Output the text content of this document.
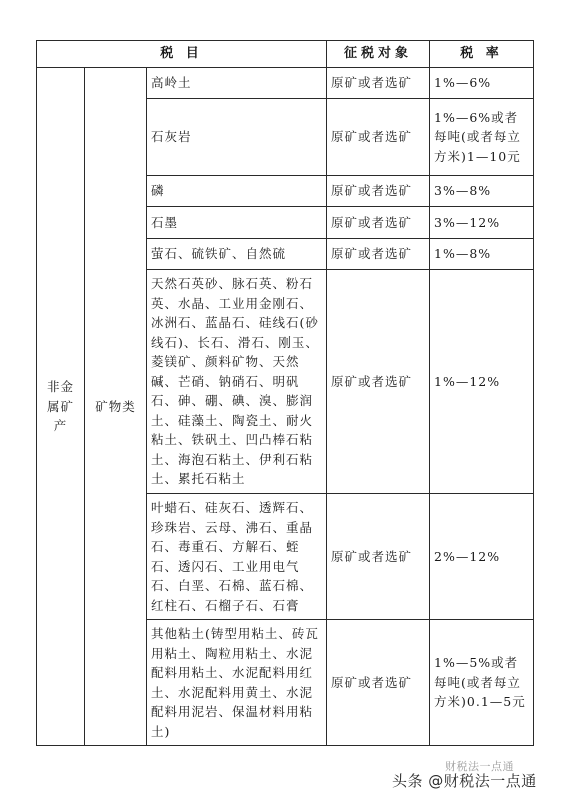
税 目			征税对象	税 率
非金属矿产	矿物类	高岭土	原矿或者选矿	1%—6%
		石灰岩	原矿或者选矿	1%—6%或者每吨(或者每立方米)1—10元
		磷	原矿或者选矿	3%—8%
		石墨	原矿或者选矿	3%—12%
		萤石、硫铁矿、自然硫	原矿或者选矿	1%—8%
		天然石英砂、脉石英、粉石英、水晶、工业用金刚石、冰洲石、蓝晶石、硅线石(砂线石)、长石、滑石、刚玉、菱镁矿、颜料矿物、天然碱、芒硝、钠硝石、明矾石、砷、硼、碘、溴、膨润土、硅藻土、陶瓷土、耐火粘土、铁矾土、凹凸棒石粘土、海泡石粘土、伊利石粘土、累托石粘土	原矿或者选矿	1%—12%
		叶蜡石、硅灰石、透辉石、珍珠岩、云母、沸石、重晶石、毒重石、方解石、蛭石、透闪石、工业用电气石、白垩、石棉、蓝石棉、红柱石、石榴子石、石膏	原矿或者选矿	2%—12%
		其他粘土(铸型用粘土、砖瓦用粘土、陶粒用粘土、水泥配料用粘土、水泥配料用红土、水泥配料用黄土、水泥配料用泥岩、保温材料用粘土)	原矿或者选矿	1%—5%或者每吨(或者每立方米)0.1—5元
财税法一点通
头条 @财税法一点通
